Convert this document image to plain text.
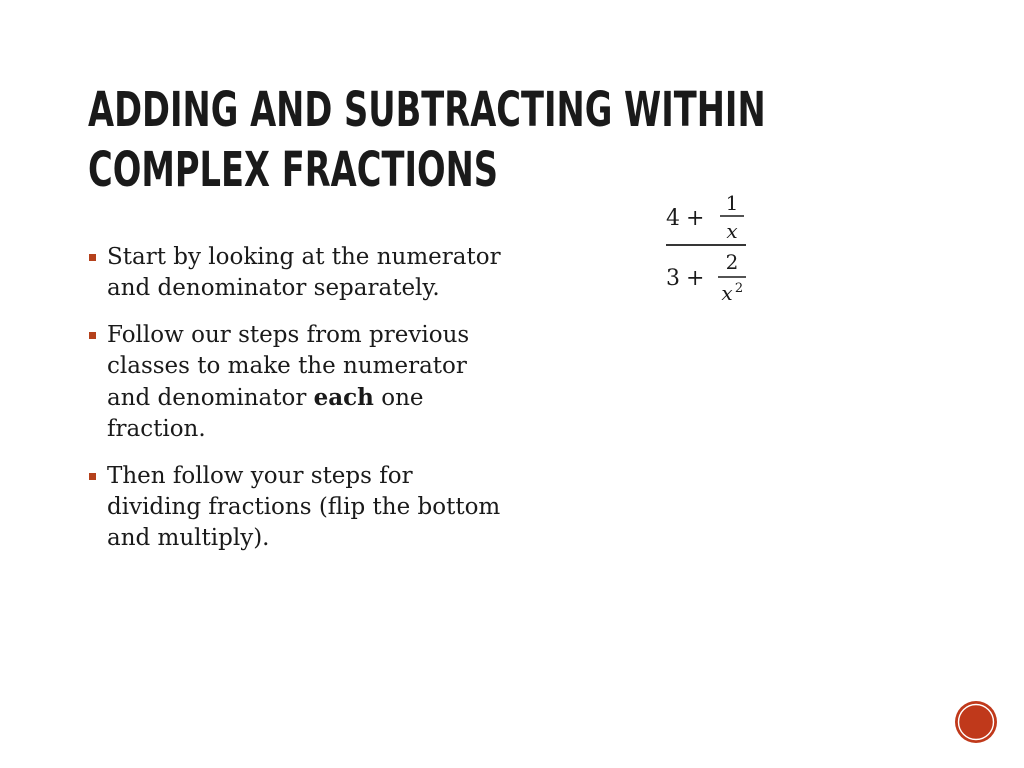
ADDING AND SUBTRACTING WITHIN
COMPLEX FRACTIONS
Start by looking at the numerator and denominator separately.
Follow our steps from previous classes to make the numerator and denominator each one fraction.
Then follow your steps for dividing fractions (flip the bottom and multiply).
4 +
1
x
3 +
2
x 2
